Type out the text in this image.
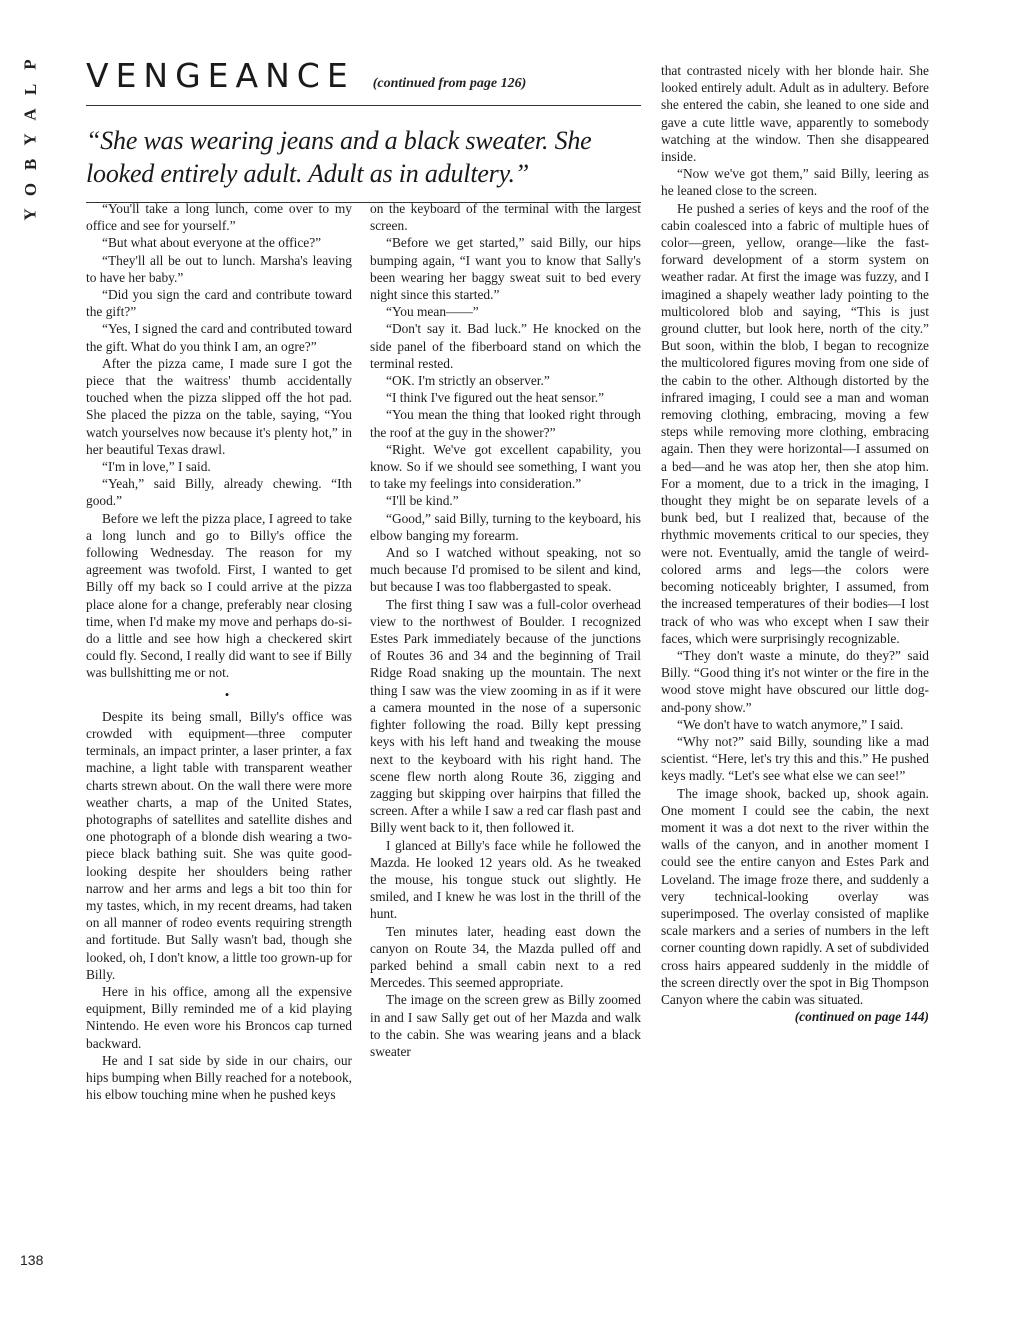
P
L
A
Y
B
O
Y
138
VENGEANCE (continued from page 126)
“She was wearing jeans and a black sweater. She looked entirely adult. Adult as in adultery.”

“You'll take a long lunch, come over to my office and see for yourself.”

“But what about everyone at the office?”

“They'll all be out to lunch. Marsha's leaving to have her baby.”

“Did you sign the card and contribute toward the gift?”

“Yes, I signed the card and contributed toward the gift. What do you think I am, an ogre?”

After the pizza came, I made sure I got the piece that the waitress' thumb accidentally touched when the pizza slipped off the hot pad. She placed the pizza on the table, saying, “You watch yourselves now because it's plenty hot,” in her beautiful Texas drawl.

“I'm in love,” I said.

“Yeah,” said Billy, already chewing. “Ith good.”

Before we left the pizza place, I agreed to take a long lunch and go to Billy's office the following Wednesday. The reason for my agreement was twofold. First, I wanted to get Billy off my back so I could arrive at the pizza place alone for a change, preferably near closing time, when I'd make my move and perhaps do-si-do a little and see how high a checkered skirt could fly. Second, I really did want to see if Billy was bullshitting me or not.

•

Despite its being small, Billy's office was crowded with equipment—three computer terminals, an impact printer, a laser printer, a fax machine, a light table with transparent weather charts strewn about. On the wall there were more weather charts, a map of the United States, photographs of satellites and satellite dishes and one photograph of a blonde dish wearing a two-piece black bathing suit. She was quite good-looking despite her shoulders being rather narrow and her arms and legs a bit too thin for my tastes, which, in my recent dreams, had taken on all manner of rodeo events requiring strength and fortitude. But Sally wasn't bad, though she looked, oh, I don't know, a little too grown-up for Billy.

Here in his office, among all the expensive equipment, Billy reminded me of a kid playing Nintendo. He even wore his Broncos cap turned backward.

He and I sat side by side in our chairs, our hips bumping when Billy reached for a notebook, his elbow touching mine when he pushed keys

on the keyboard of the terminal with the largest screen.

“Before we get started,” said Billy, our hips bumping again, “I want you to know that Sally's been wearing her baggy sweat suit to bed every night since this started.”

“You mean——”

“Don't say it. Bad luck.” He knocked on the side panel of the fiberboard stand on which the terminal rested.

“OK. I'm strictly an observer.”

“I think I've figured out the heat sensor.”

“You mean the thing that looked right through the roof at the guy in the shower?”

“Right. We've got excellent capability, you know. So if we should see something, I want you to take my feelings into consideration.”

“I'll be kind.”

“Good,” said Billy, turning to the keyboard, his elbow banging my forearm.

And so I watched without speaking, not so much because I'd promised to be silent and kind, but because I was too flabbergasted to speak.

The first thing I saw was a full-color overhead view to the northwest of Boulder. I recognized Estes Park immediately because of the junctions of Routes 36 and 34 and the beginning of Trail Ridge Road snaking up the mountain. The next thing I saw was the view zooming in as if it were a camera mounted in the nose of a supersonic fighter following the road. Billy kept pressing keys with his left hand and tweaking the mouse next to the keyboard with his right hand. The scene flew north along Route 36, zigging and zagging but skipping over hairpins that filled the screen. After a while I saw a red car flash past and Billy went back to it, then followed it.

I glanced at Billy's face while he followed the Mazda. He looked 12 years old. As he tweaked the mouse, his tongue stuck out slightly. He smiled, and I knew he was lost in the thrill of the hunt.

Ten minutes later, heading east down the canyon on Route 34, the Mazda pulled off and parked behind a small cabin next to a red Mercedes. This seemed appropriate.

The image on the screen grew as Billy zoomed in and I saw Sally get out of her Mazda and walk to the cabin. She was wearing jeans and a black sweater

that contrasted nicely with her blonde hair. She looked entirely adult. Adult as in adultery. Before she entered the cabin, she leaned to one side and gave a cute little wave, apparently to somebody watching at the window. Then she disappeared inside.

“Now we've got them,” said Billy, leering as he leaned close to the screen.

He pushed a series of keys and the roof of the cabin coalesced into a fabric of multiple hues of color—green, yellow, orange—like the fast-forward development of a storm system on weather radar. At first the image was fuzzy, and I imagined a shapely weather lady pointing to the multicolored blob and saying, “This is just ground clutter, but look here, north of the city.” But soon, within the blob, I began to recognize the multicolored figures moving from one side of the cabin to the other. Although distorted by the infrared imaging, I could see a man and woman removing clothing, embracing, moving a few steps while removing more clothing, embracing again. Then they were horizontal—I assumed on a bed—and he was atop her, then she atop him. For a moment, due to a trick in the imaging, I thought they might be on separate levels of a bunk bed, but I realized that, because of the rhythmic movements critical to our species, they were not. Eventually, amid the tangle of weird-colored arms and legs—the colors were becoming noticeably brighter, I assumed, from the increased temperatures of their bodies—I lost track of who was who except when I saw their faces, which were surprisingly recognizable.

“They don't waste a minute, do they?” said Billy. “Good thing it's not winter or the fire in the wood stove might have obscured our little dog-and-pony show.”

“We don't have to watch anymore,” I said.

“Why not?” said Billy, sounding like a mad scientist. “Here, let's try this and this.” He pushed keys madly. “Let's see what else we can see!”

The image shook, backed up, shook again. One moment I could see the cabin, the next moment it was a dot next to the river within the walls of the canyon, and in another moment I could see the entire canyon and Estes Park and Loveland. The image froze there, and suddenly a very technical-looking overlay was superimposed. The overlay consisted of maplike scale markers and a series of numbers in the left corner counting down rapidly. A set of subdivided cross hairs appeared suddenly in the middle of the screen directly over the spot in Big Thompson Canyon where the cabin was situated.

(continued on page 144)
